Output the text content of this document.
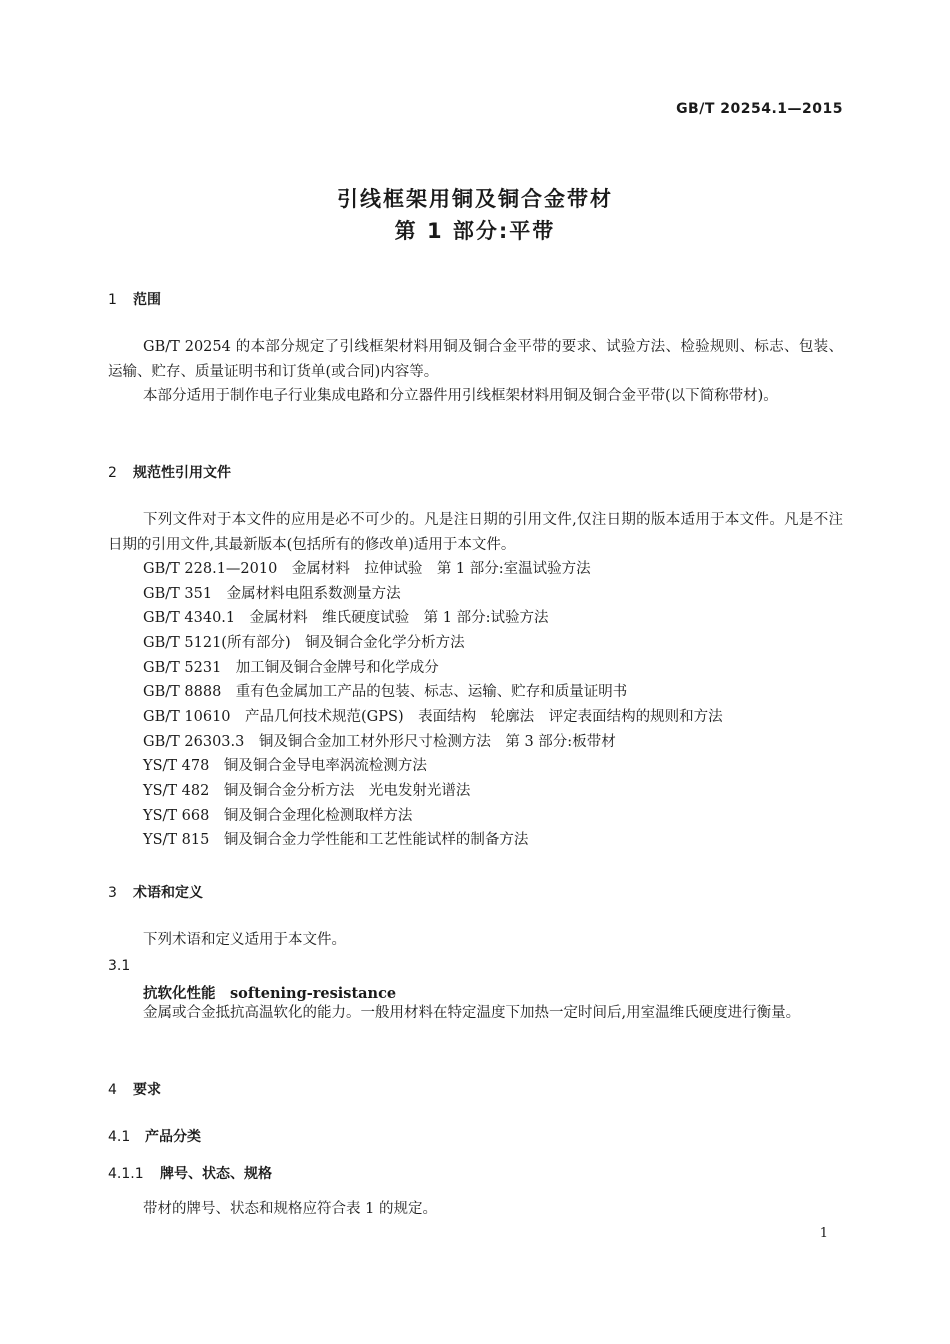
GB/T 20254.1—2015
引线框架用铜及铜合金带材
第 1 部分:平带
1 范围
GB/T 20254 的本部分规定了引线框架材料用铜及铜合金平带的要求、试验方法、检验规则、标志、包装、运输、贮存、质量证明书和订货单(或合同)内容等。
本部分适用于制作电子行业集成电路和分立器件用引线框架材料用铜及铜合金平带(以下简称带材)。
2 规范性引用文件
下列文件对于本文件的应用是必不可少的。凡是注日期的引用文件,仅注日期的版本适用于本文件。凡是不注日期的引用文件,其最新版本(包括所有的修改单)适用于本文件。
GB/T 228.1—2010　金属材料　拉伸试验　第 1 部分:室温试验方法
GB/T 351　金属材料电阻系数测量方法
GB/T 4340.1　金属材料　维氏硬度试验　第 1 部分:试验方法
GB/T 5121(所有部分)　铜及铜合金化学分析方法
GB/T 5231　加工铜及铜合金牌号和化学成分
GB/T 8888　重有色金属加工产品的包装、标志、运输、贮存和质量证明书
GB/T 10610　产品几何技术规范(GPS)　表面结构　轮廓法　评定表面结构的规则和方法
GB/T 26303.3　铜及铜合金加工材外形尺寸检测方法　第 3 部分:板带材
YS/T 478　铜及铜合金导电率涡流检测方法
YS/T 482　铜及铜合金分析方法　光电发射光谱法
YS/T 668　铜及铜合金理化检测取样方法
YS/T 815　铜及铜合金力学性能和工艺性能试样的制备方法
3 术语和定义
下列术语和定义适用于本文件。
3.1
抗软化性能　softening-resistance
金属或合金抵抗高温软化的能力。一般用材料在特定温度下加热一定时间后,用室温维氏硬度进行衡量。
4 要求
4.1 产品分类
4.1.1 牌号、状态、规格
带材的牌号、状态和规格应符合表 1 的规定。
1
